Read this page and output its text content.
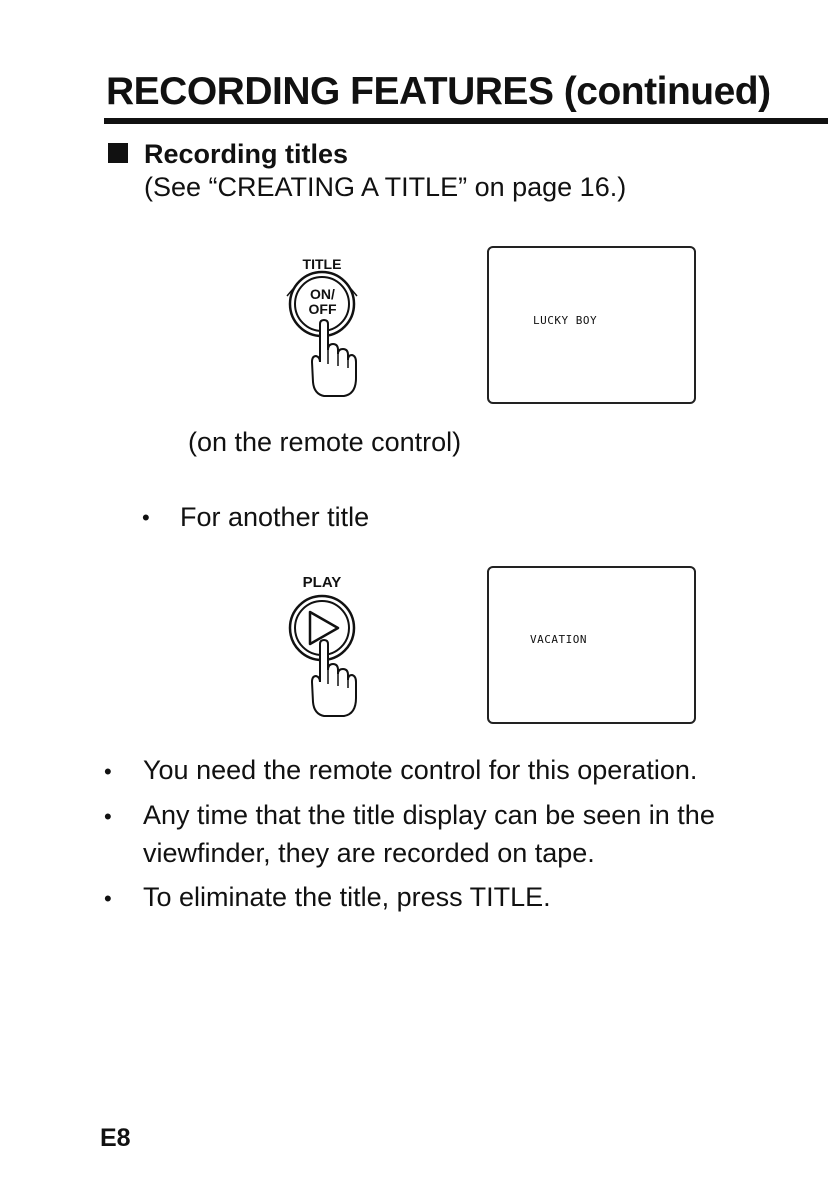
RECORDING FEATURES (continued)
Recording titles
(See “CREATING A TITLE” on page 16.)
TITLE
ON/
OFF
LUCKY BOY
(on the remote control)
• For another title
PLAY
VACATION
• You need the remote control for this operation.
• Any time that the title display can be seen in the
viewfinder, they are recorded on tape.
• To eliminate the title, press TITLE.
E8
